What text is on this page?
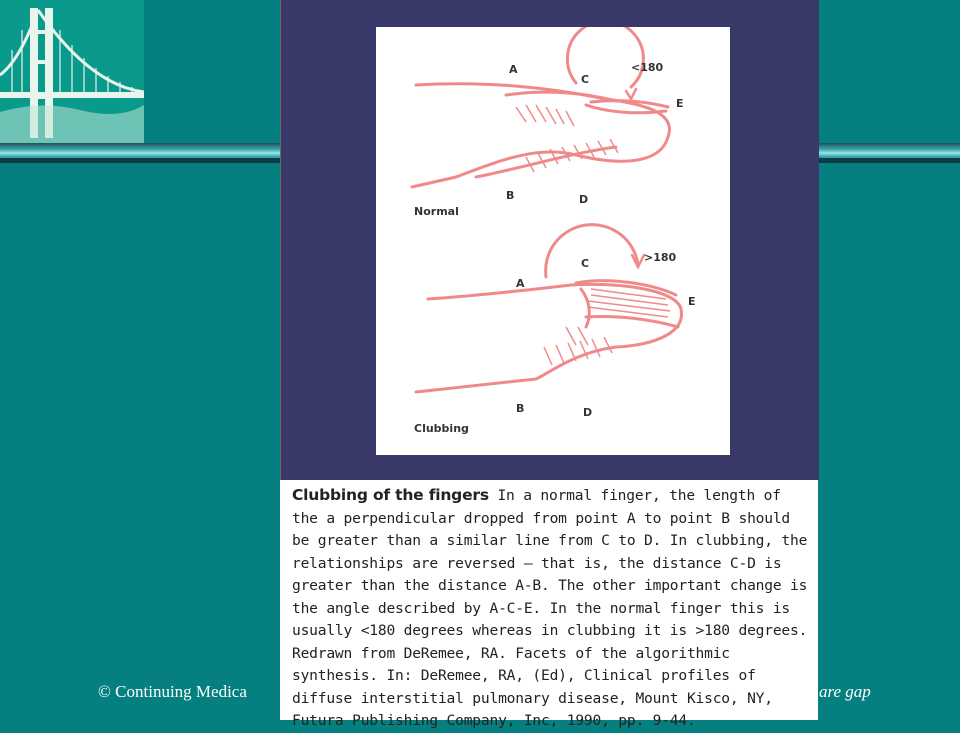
© Continuing Medica	are gap
A
C
<180
E
B	D
Normal
A
C	>180
E
B	D
Clubbing

Clubbing of the fingers In a normal finger, the length of the a perpendicular dropped from point A to point B should be greater than a similar line from C to D. In clubbing, the relationships are reversed — that is, the distance C-D is greater than the distance A-B. The other important change is the angle described by A-C-E. In the normal finger this is usually <180 degrees whereas in clubbing it is >180 degrees. Redrawn from DeRemee, RA. Facets of the algorithmic synthesis. In: DeRemee, RA, (Ed), Clinical profiles of diffuse interstitial pulmonary disease, Mount Kisco, NY, Futura Publishing Company, Inc, 1990, pp. 9-44.
